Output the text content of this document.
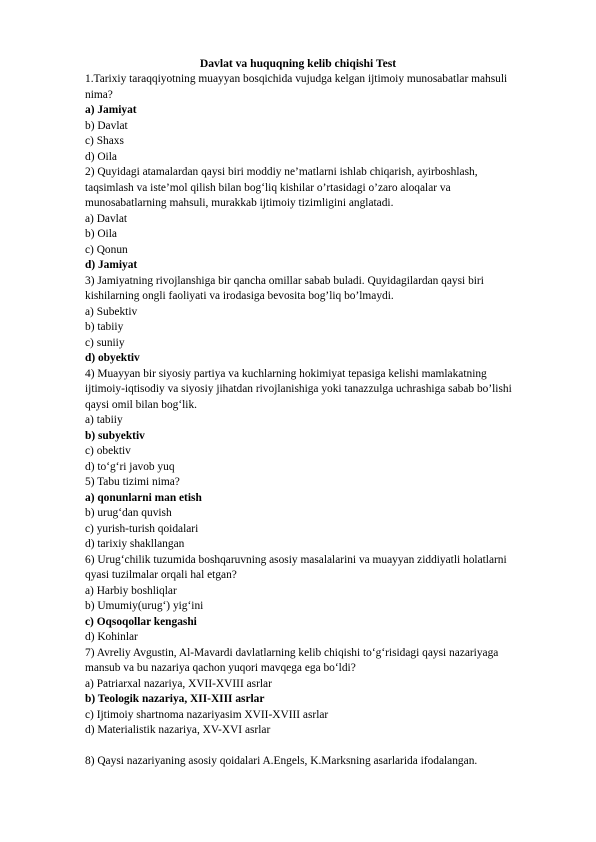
Davlat va huquqning kelib chiqishi Test
1.Tarixiy taraqqiyotning muayyan bosqichida vujudga kelgan ijtimoiy munosabatlar mahsuli
nima?
a) Jamiyat
b) Davlat
c) Shaxs
d) Oila
2) Quyidagi atamalardan qaysi biri moddiy ne’matlarni ishlab chiqarish, ayirboshlash,
taqsimlash va iste’mol qilish bilan bog‘liq kishilar o’rtasidagi o’zaro aloqalar va
munosabatlarning mahsuli, murakkab ijtimoiy tizimligini anglatadi.
a) Davlat
b) Oila
c) Qonun
d) Jamiyat
3) Jamiyatning rivojlanshiga bir qancha omillar sabab buladi. Quyidagilardan qaysi biri
kishilarning ongli faoliyati va irodasiga bevosita bog’liq bo’lmaydi.
a) Subektiv
b) tabiiy
c) suniiy
d) obyektiv
4) Muayyan bir siyosiy partiya va kuchlarning hokimiyat tepasiga kelishi mamlakatning
ijtimoiy-iqtisodiy va siyosiy jihatdan rivojlanishiga yoki tanazzulga uchrashiga sabab bo’lishi
qaysi omil bilan bog‘lik.
a) tabiiy
b) subyektiv
c) obektiv
d) to‘g‘ri javob yuq
5) Tabu tizimi nima?
a) qonunlarni man etish
b) urug‘dan quvish
c) yurish-turish qoidalari
d) tarixiy shakllangan
6) Urug‘chilik tuzumida boshqaruvning asosiy masalalarini va muayyan ziddiyatli holatlarni
qyasi tuzilmalar orqali hal etgan?
a) Harbiy boshliqlar
b) Umumiy(urug‘) yig‘ini
c) Oqsoqollar kengashi
d) Kohinlar
7) Avreliy Avgustin, Al-Mavardi davlatlarning kelib chiqishi to‘g‘risidagi qaysi nazariyaga
mansub va bu nazariya qachon yuqori mavqega ega bo‘ldi?
a) Patriarxal nazariya, XVII-XVIII asrlar
b) Teologik nazariya, XII-XIII asrlar
c) Ijtimoiy shartnoma nazariyasim XVII-XVIII asrlar
d) Materialistik nazariya, XV-XVI asrlar
8) Qaysi nazariyaning asosiy qoidalari A.Engels, K.Marksning asarlarida ifodalangan.
